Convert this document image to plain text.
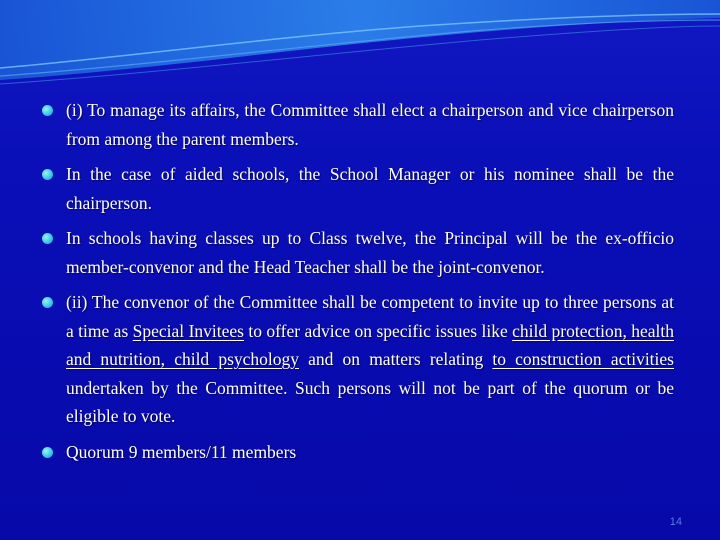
(i) To manage its affairs, the Committee shall elect a chairperson and vice chairperson from among the parent members.
In the case of aided schools, the School Manager or his nominee shall be the chairperson.
In schools having classes up to Class twelve, the Principal will be the ex-officio member-convenor and the Head Teacher shall be the joint-convenor.
(ii) The convenor of the Committee shall be competent to invite up to three persons at a time as Special Invitees to offer advice on specific issues like child protection, health and nutrition, child psychology and on matters relating to construction activities undertaken by the Committee. Such persons will not be part of the quorum or be eligible to vote.
Quorum 9 members/11 members
14
